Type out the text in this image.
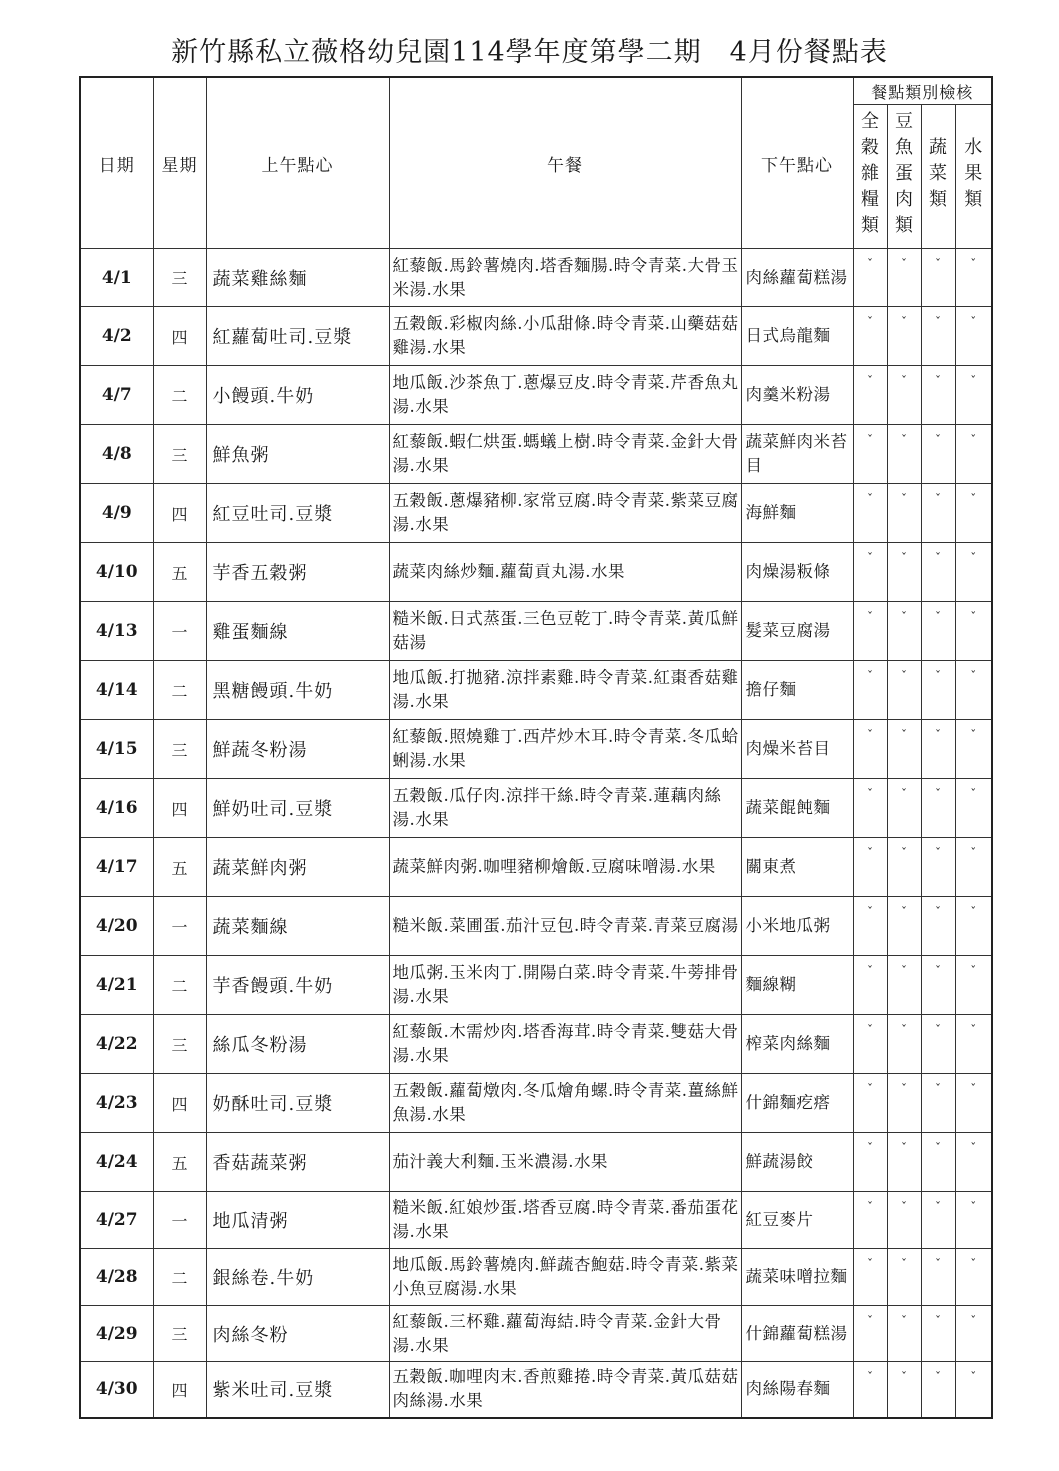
新竹縣私立薇格幼兒園114學年度第學二期　4月份餐點表
日期	星期	上午點心	午餐	下午點心	餐點類別檢核			
					全穀雜糧類	豆魚蛋肉類	蔬菜類	水果類
4/1	三	蔬菜雞絲麵	紅藜飯.馬鈴薯燒肉.塔香麵腸.時令青菜.大骨玉米湯.水果	肉絲蘿蔔糕湯	ˇ	ˇ	ˇ	ˇ
4/2	四	紅蘿蔔吐司.豆漿	五穀飯.彩椒肉絲.小瓜甜條.時令青菜.山藥菇菇雞湯.水果	日式烏龍麵	ˇ	ˇ	ˇ	ˇ
4/7	二	小饅頭.牛奶	地瓜飯.沙茶魚丁.蔥爆豆皮.時令青菜.芹香魚丸湯.水果	肉羹米粉湯	ˇ	ˇ	ˇ	ˇ
4/8	三	鮮魚粥	紅藜飯.蝦仁烘蛋.螞蟻上樹.時令青菜.金針大骨湯.水果	蔬菜鮮肉米苔目	ˇ	ˇ	ˇ	ˇ
4/9	四	紅豆吐司.豆漿	五穀飯.蔥爆豬柳.家常豆腐.時令青菜.紫菜豆腐湯.水果	海鮮麵	ˇ	ˇ	ˇ	ˇ
4/10	五	芋香五穀粥	蔬菜肉絲炒麵.蘿蔔貢丸湯.水果	肉燥湯粄條	ˇ	ˇ	ˇ	ˇ
4/13	一	雞蛋麵線	糙米飯.日式蒸蛋.三色豆乾丁.時令青菜.黃瓜鮮菇湯	髮菜豆腐湯	ˇ	ˇ	ˇ	ˇ
4/14	二	黑糖饅頭.牛奶	地瓜飯.打拋豬.涼拌素雞.時令青菜.紅棗香菇雞湯.水果	擔仔麵	ˇ	ˇ	ˇ	ˇ
4/15	三	鮮蔬冬粉湯	紅藜飯.照燒雞丁.西芹炒木耳.時令青菜.冬瓜蛤蜊湯.水果	肉燥米苔目	ˇ	ˇ	ˇ	ˇ
4/16	四	鮮奶吐司.豆漿	五穀飯.瓜仔肉.涼拌干絲.時令青菜.蓮藕肉絲湯.水果	蔬菜餛飩麵	ˇ	ˇ	ˇ	ˇ
4/17	五	蔬菜鮮肉粥	蔬菜鮮肉粥.咖哩豬柳燴飯.豆腐味噌湯.水果	關東煮	ˇ	ˇ	ˇ	ˇ
4/20	一	蔬菜麵線	糙米飯.菜圃蛋.茄汁豆包.時令青菜.青菜豆腐湯	小米地瓜粥	ˇ	ˇ	ˇ	ˇ
4/21	二	芋香饅頭.牛奶	地瓜粥.玉米肉丁.開陽白菜.時令青菜.牛蒡排骨湯.水果	麵線糊	ˇ	ˇ	ˇ	ˇ
4/22	三	絲瓜冬粉湯	紅藜飯.木需炒肉.塔香海茸.時令青菜.雙菇大骨湯.水果	榨菜肉絲麵	ˇ	ˇ	ˇ	ˇ
4/23	四	奶酥吐司.豆漿	五穀飯.蘿蔔燉肉.冬瓜燴角螺.時令青菜.薑絲鮮魚湯.水果	什錦麵疙瘩	ˇ	ˇ	ˇ	ˇ
4/24	五	香菇蔬菜粥	茄汁義大利麵.玉米濃湯.水果	鮮蔬湯餃	ˇ	ˇ	ˇ	ˇ
4/27	一	地瓜清粥	糙米飯.紅娘炒蛋.塔香豆腐.時令青菜.番茄蛋花湯.水果	紅豆麥片	ˇ	ˇ	ˇ	ˇ
4/28	二	銀絲卷.牛奶	地瓜飯.馬鈴薯燒肉.鮮蔬杏鮑菇.時令青菜.紫菜小魚豆腐湯.水果	蔬菜味噌拉麵	ˇ	ˇ	ˇ	ˇ
4/29	三	肉絲冬粉	紅藜飯.三杯雞.蘿蔔海結.時令青菜.金針大骨湯.水果	什錦蘿蔔糕湯	ˇ	ˇ	ˇ	ˇ
4/30	四	紫米吐司.豆漿	五穀飯.咖哩肉末.香煎雞捲.時令青菜.黃瓜菇菇肉絲湯.水果	肉絲陽春麵	ˇ	ˇ	ˇ	ˇ
